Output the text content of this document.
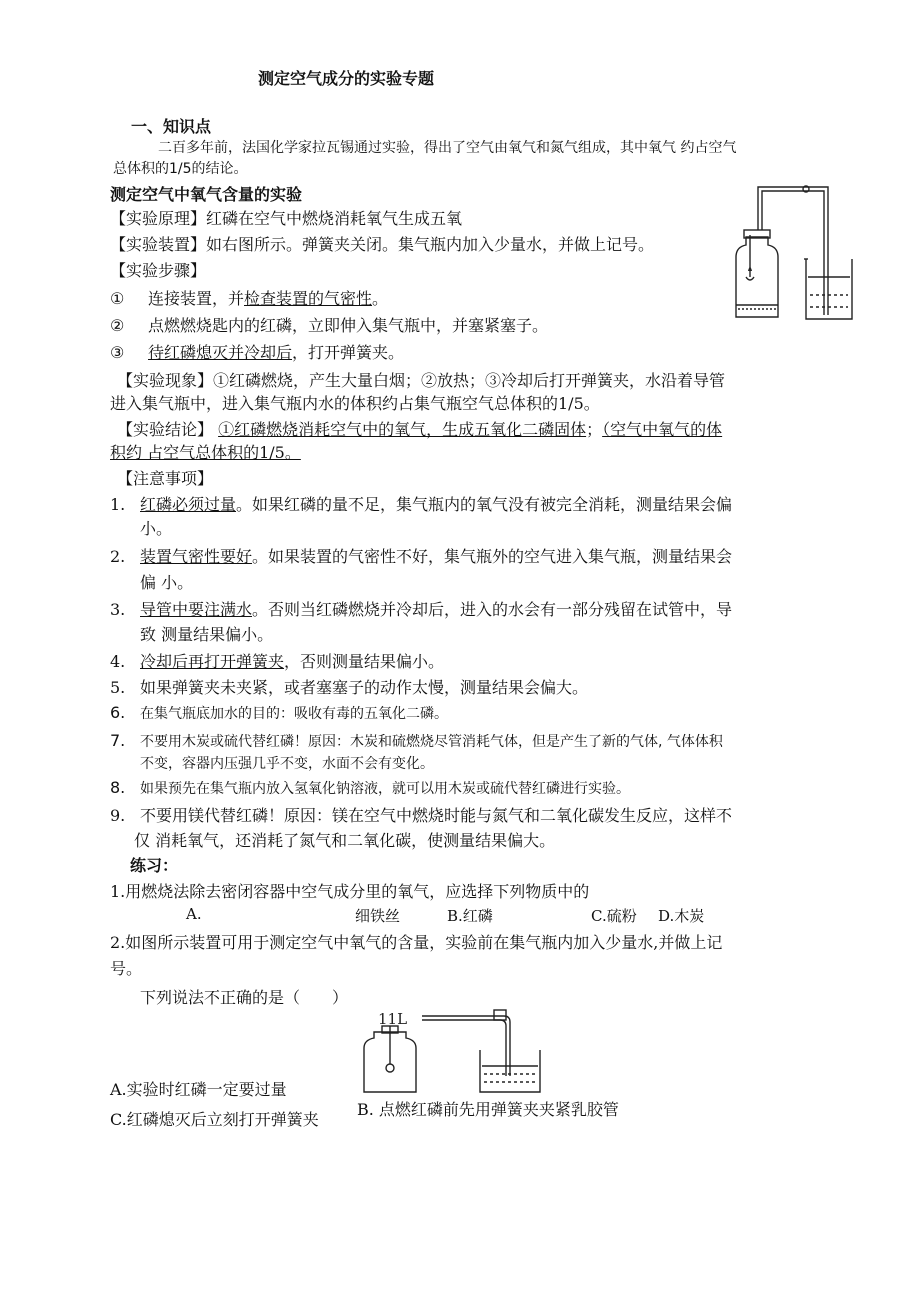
测定空气成分的实验专题
一、知识点
二百多年前，法国化学家拉瓦锡通过实验，得出了空气由氧气和氮气组成，其中氧气 约占空气
总体积的1/5的结论。
测定空气中氧气含量的实验
【实验原理】红磷在空气中燃烧消耗氧气生成五氧
【实验装置】如右图所示。弹簧夹关闭。集气瓶内加入少量水，并做上记号。
【实验步骤】
① 连接装置，并检查装置的气密性。
② 点燃燃烧匙内的红磷，立即伸入集气瓶中，并塞紧塞子。
③ 待红磷熄灭并冷却后，打开弹簧夹。
【实验现象】①红磷燃烧，产生大量白烟；②放热；③冷却后打开弹簧夹，水沿着导管
进入集气瓶中，进入集气瓶内水的体积约占集气瓶空气总体积的1/5。
【实验结论】 ①红磷燃烧消耗空气中的氧气，生成五氧化二磷固体；（空气中氧气的体
积约 占空气总体积的1/5。
【注意事项】
1. 红磷必须过量。如果红磷的量不足，集气瓶内的氧气没有被完全消耗，测量结果会偏
小。
2. 装置气密性要好。如果装置的气密性不好，集气瓶外的空气进入集气瓶，测量结果会
偏 小。
3. 导管中要注满水。否则当红磷燃烧并冷却后，进入的水会有一部分残留在试管中，导
致 测量结果偏小。
4. 冷却后再打开弹簧夹，否则测量结果偏小。
5. 如果弹簧夹未夹紧，或者塞塞子的动作太慢，测量结果会偏大。
6. 在集气瓶底加水的目的：吸收有毒的五氧化二磷。
7. 不要用木炭或硫代替红磷！原因：木炭和硫燃烧尽管消耗气体，但是产生了新的气体, 气体体积
不变，容器内压强几乎不变，水面不会有变化。
8. 如果预先在集气瓶内放入氢氧化钠溶液，就可以用木炭或硫代替红磷进行实验。
9. 不要用镁代替红磷！原因：镁在空气中燃烧时能与氮气和二氧化碳发生反应，这样不
仅 消耗氧气，还消耗了氮气和二氧化碳，使测量结果偏大。
练习：
1.用燃烧法除去密闭容器中空气成分里的氧气，应选择下列物质中的
A.	细铁丝	B.红磷	C.硫粉 D.木炭
2.如图所示装置可用于测定空气中氧气的含量，实验前在集气瓶内加入少量水,并做上记
号。
下列说法不正确的是（　　）
A.实验时红磷一定要过量
B. 点燃红磷前先用弹簧夹夹紧乳胶管
C.红磷熄灭后立刻打开弹簧夹
11L
